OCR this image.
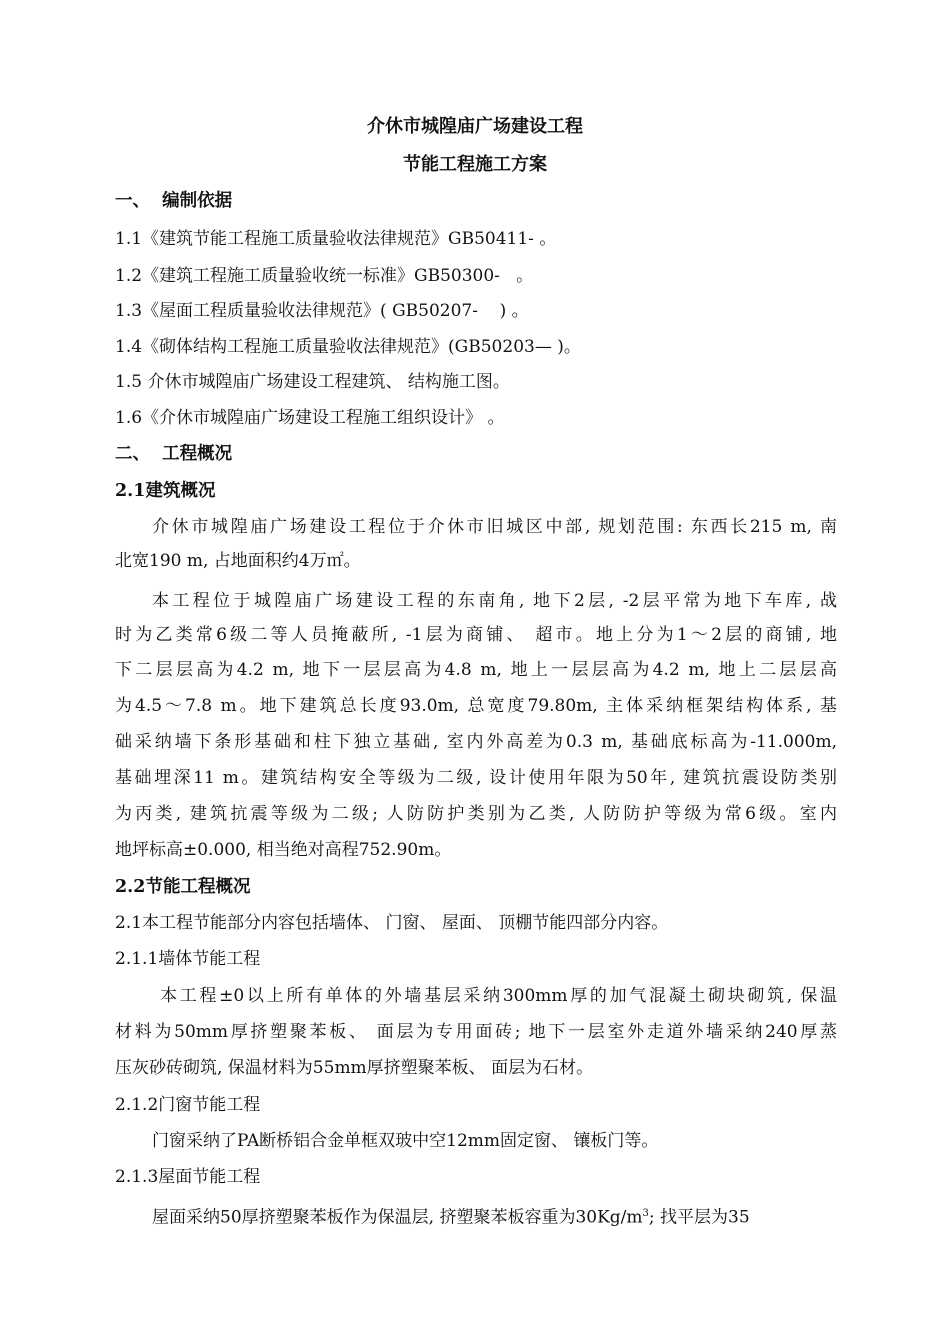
介休市城隍庙广场建设工程
节能工程施工方案
一、  编制依据
1.1《建筑节能工程施工质量验收法律规范》GB50411- 。
1.2《建筑工程施工质量验收统一标准》GB50300-   。
1.3《屋面工程质量验收法律规范》( GB50207-    ) 。
1.4《砌体结构工程施工质量验收法律规范》(GB50203— )。
1.5 介休市城隍庙广场建设工程建筑、 结构施工图。
1.6《介休市城隍庙广场建设工程施工组织设计》 。
二、  工程概况
2.1建筑概况
介休市城隍庙广场建设工程位于介休市旧城区中部, 规划范围: 东西长215 m, 南
北宽190 m, 占地面积约4万㎡。
本工程位于城隍庙广场建设工程的东南角, 地下2层, -2层平常为地下车库, 战
时为乙类常6级二等人员掩蔽所, -1层为商铺、 超市。地上分为1～2层的商铺, 地
下二层层高为4.2 m, 地下一层层高为4.8 m, 地上一层层高为4.2 m, 地上二层层高
为4.5～7.8 m。地下建筑总长度93.0m, 总宽度79.80m, 主体采纳框架结构体系, 基
础采纳墙下条形基础和柱下独立基础, 室内外高差为0.3 m, 基础底标高为-11.000m,
基础埋深11 m。建筑结构安全等级为二级, 设计使用年限为50年, 建筑抗震设防类别
为丙类, 建筑抗震等级为二级; 人防防护类别为乙类, 人防防护等级为常6级。室内
地坪标高±0.000, 相当绝对高程752.90m。
2.2节能工程概况
2.1本工程节能部分内容包括墙体、 门窗、 屋面、 顶棚节能四部分内容。
2.1.1墙体节能工程
本工程±0以上所有单体的外墙基层采纳300mm厚的加气混凝土砌块砌筑, 保温
材料为50mm厚挤塑聚苯板、 面层为专用面砖; 地下一层室外走道外墙采纳240厚蒸
压灰砂砖砌筑, 保温材料为55mm厚挤塑聚苯板、 面层为石材。
2.1.2门窗节能工程
门窗采纳了PA断桥铝合金单框双玻中空12mm固定窗、 镶板门等。
2.1.3屋面节能工程
屋面采纳50厚挤塑聚苯板作为保温层, 挤塑聚苯板容重为$30Kg/m^3$; 找平层为35
